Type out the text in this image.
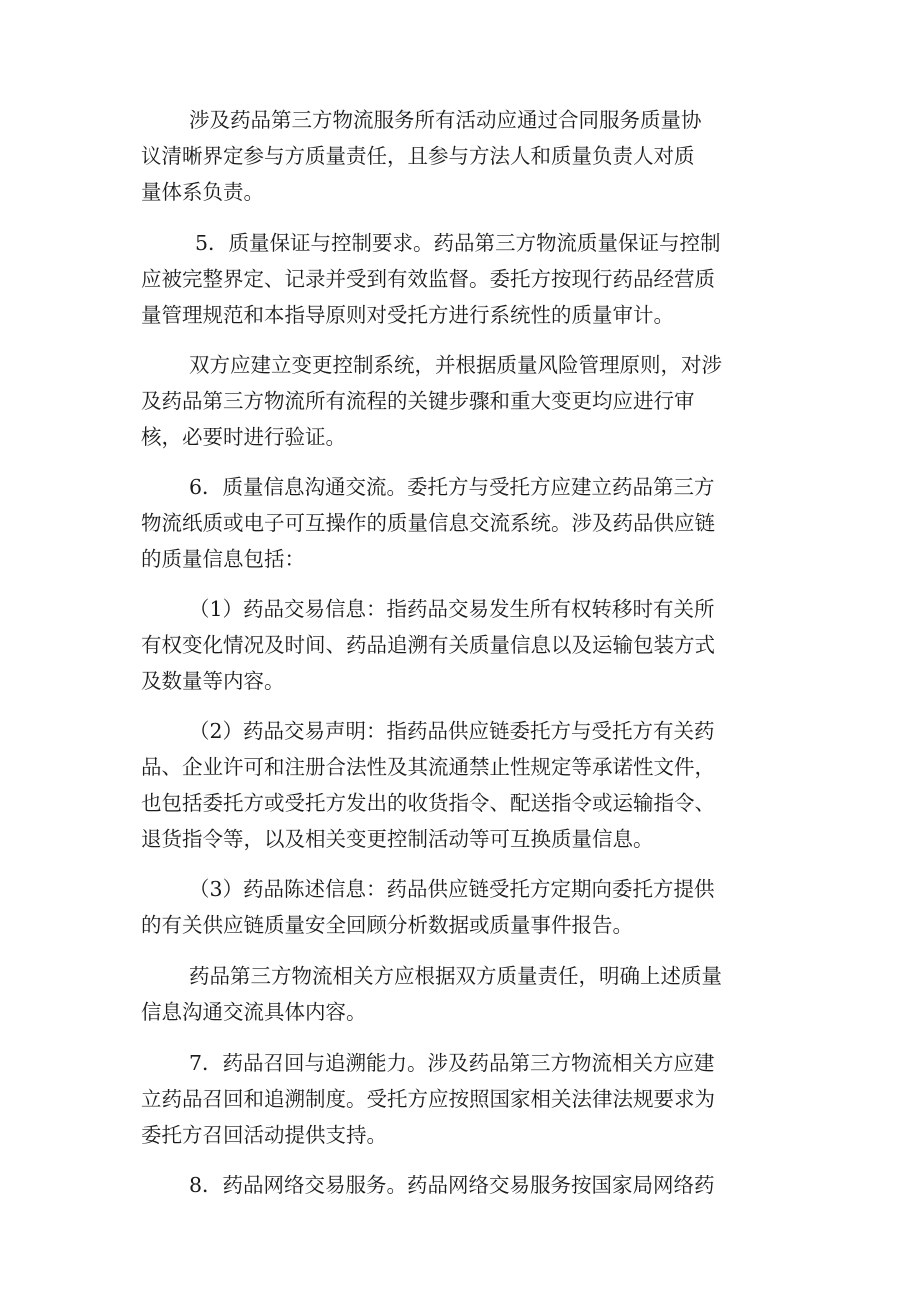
涉及药品第三方物流服务所有活动应通过合同服务质量协
议清晰界定参与方质量责任，且参与方法人和质量负责人对质
量体系负责。
5．质量保证与控制要求。药品第三方物流质量保证与控制
应被完整界定、记录并受到有效监督。委托方按现行药品经营质
量管理规范和本指导原则对受托方进行系统性的质量审计。
双方应建立变更控制系统，并根据质量风险管理原则，对涉
及药品第三方物流所有流程的关键步骤和重大变更均应进行审
核，必要时进行验证。
6．质量信息沟通交流。委托方与受托方应建立药品第三方
物流纸质或电子可互操作的质量信息交流系统。涉及药品供应链
的质量信息包括：
（1）药品交易信息：指药品交易发生所有权转移时有关所
有权变化情况及时间、药品追溯有关质量信息以及运输包装方式
及数量等内容。
（2）药品交易声明：指药品供应链委托方与受托方有关药
品、企业许可和注册合法性及其流通禁止性规定等承诺性文件，
也包括委托方或受托方发出的收货指令、配送指令或运输指令、
退货指令等，以及相关变更控制活动等可互换质量信息。
（3）药品陈述信息：药品供应链受托方定期向委托方提供
的有关供应链质量安全回顾分析数据或质量事件报告。
药品第三方物流相关方应根据双方质量责任，明确上述质量
信息沟通交流具体内容。
7．药品召回与追溯能力。涉及药品第三方物流相关方应建
立药品召回和追溯制度。受托方应按照国家相关法律法规要求为
委托方召回活动提供支持。
8．药品网络交易服务。药品网络交易服务按国家局网络药
